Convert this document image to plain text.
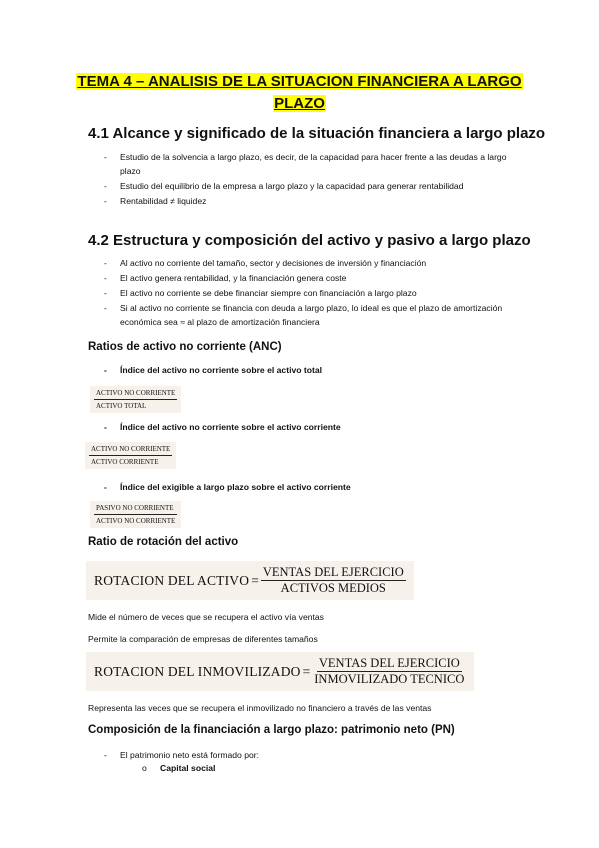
TEMA 4 – ANALISIS DE LA SITUACION FINANCIERA A LARGO
PLAZO
4.1 Alcance y significado de la situación financiera a largo plazo
- Estudio de la solvencia a largo plazo, es decir, de la capacidad para hacer frente a las deudas a largo plazo
- Estudio del equilibrio de la empresa a largo plazo y la capacidad para generar rentabilidad
- Rentabilidad ≠ liquidez
4.2 Estructura y composición del activo y pasivo a largo plazo
- Al activo no corriente del tamaño, sector y decisiones de inversión y financiación
- El activo genera rentabilidad, y la financiación genera coste
- El activo no corriente se debe financiar siempre con financiación a largo plazo
- Si al activo no corriente se financia con deuda a largo plazo, lo ideal es que el plazo de amortización económica sea ≈ al plazo de amortización financiera
Ratios de activo no corriente (ANC)
- Índice del activo no corriente sobre el activo total
ACTIVO NO CORRIENTE
ACTIVO TOTAL
- Índice del activo no corriente sobre el activo corriente
ACTIVO NO CORRIENTE
ACTIVO CORRIENTE
- Índice del exigible a largo plazo sobre el activo corriente
PASIVO NO CORRIENTE
ACTIVO NO CORRIENTE
Ratio de rotación del activo
ROTACION DEL ACTIVO =
VENTAS DEL EJERCICIO
ACTIVOS MEDIOS

Mide el número de veces que se recupera el activo vía ventas

Permite la comparación de empresas de diferentes tamaños

ROTACION DEL INMOVILIZADO =
VENTAS DEL EJERCICIO
INMOVILIZADO TECNICO

Representa las veces que se recupera el inmovilizado no financiero a través de las ventas

Composición de la financiación a largo plazo: patrimonio neto (PN)
- El patrimonio neto está formado por:
o Capital social
